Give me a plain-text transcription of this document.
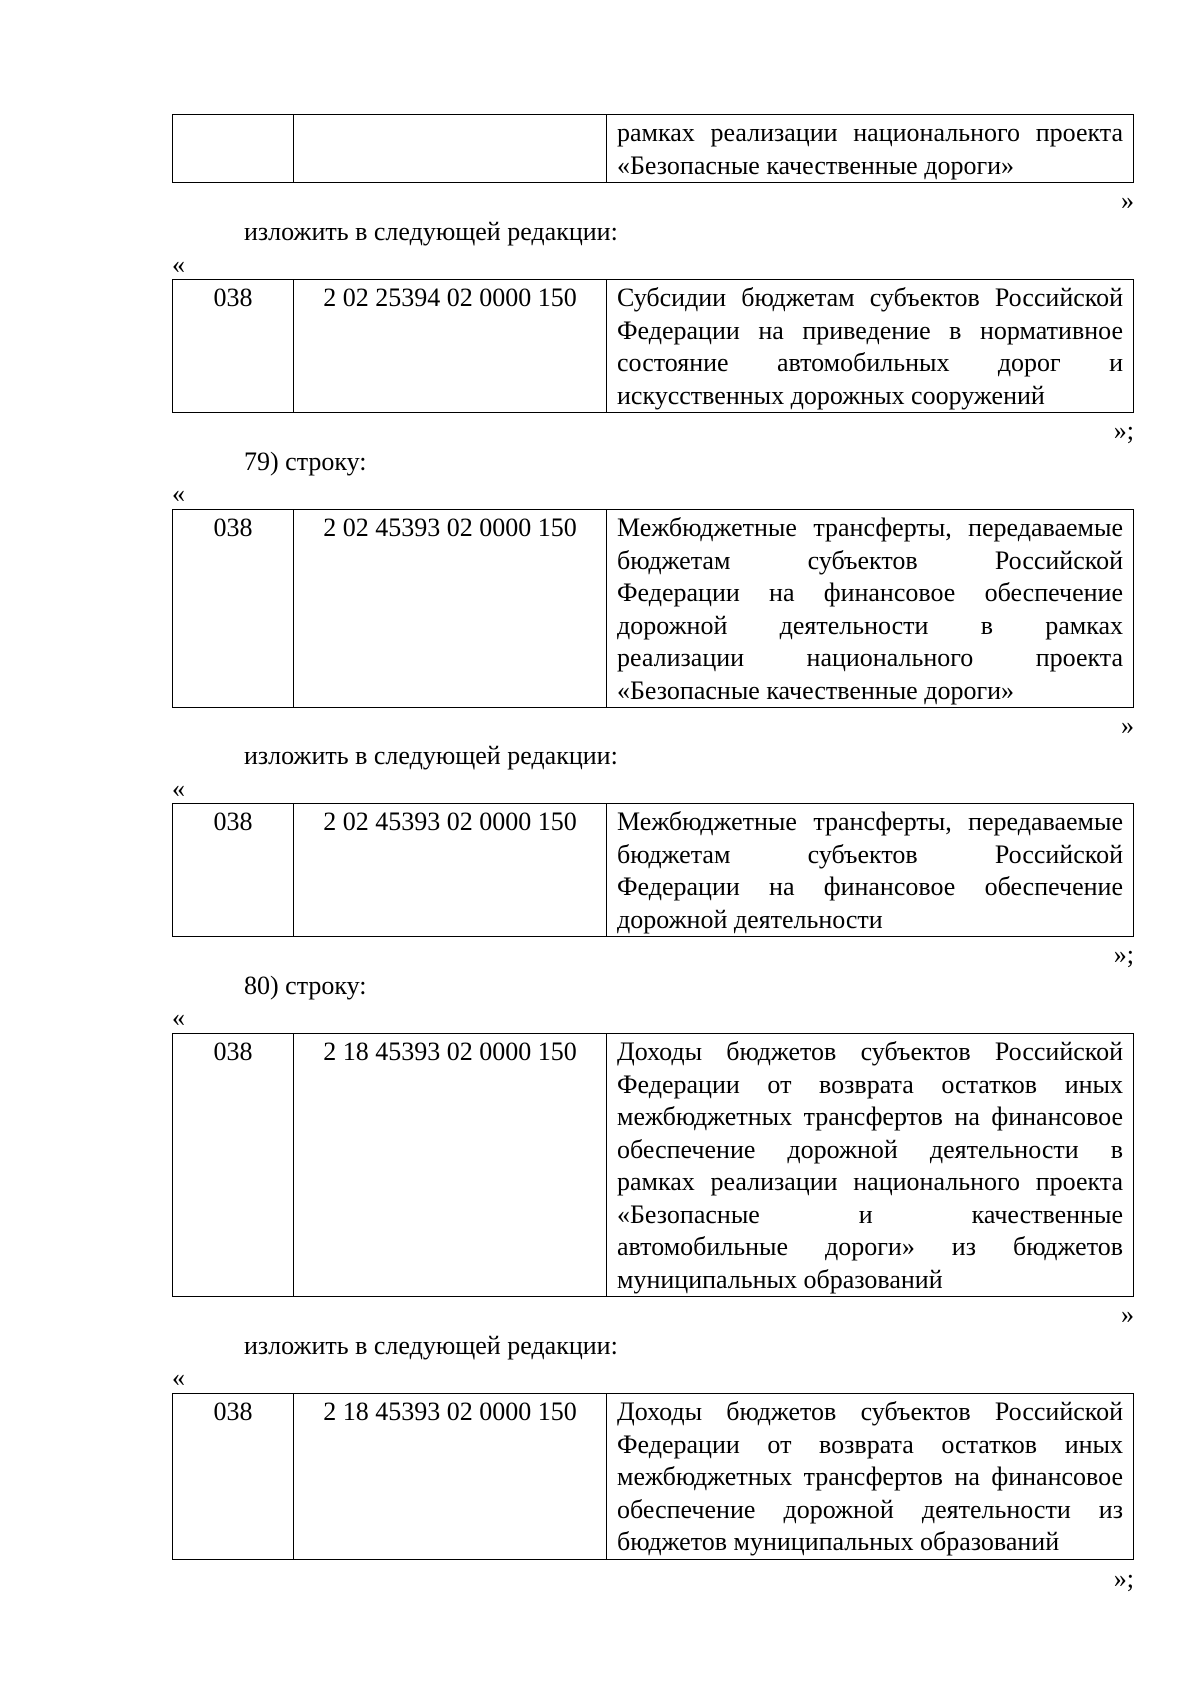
рамках реализации национального проекта
«Безопасные качественные дороги»
»
изложить в следующей редакции:
«
038	2 02 25394 02 0000 150	Субсидии бюджетам субъектов Российской
Федерации на приведение в нормативное
состояние автомобильных дорог и
искусственных дорожных сооружений
»;
79) строку:
«
038	2 02 45393 02 0000 150	Межбюджетные трансферты, передаваемые
бюджетам субъектов Российской
Федерации на финансовое обеспечение
дорожной деятельности в рамках
реализации национального проекта
«Безопасные качественные дороги»
»
изложить в следующей редакции:
«
038	2 02 45393 02 0000 150	Межбюджетные трансферты, передаваемые
бюджетам субъектов Российской
Федерации на финансовое обеспечение
дорожной деятельности
»;
80) строку:
«
038	2 18 45393 02 0000 150	Доходы бюджетов субъектов Российской
Федерации от возврата остатков иных
межбюджетных трансфертов на финансовое
обеспечение дорожной деятельности в
рамках реализации национального проекта
«Безопасные и качественные
автомобильные дороги» из бюджетов
муниципальных образований
»
изложить в следующей редакции:
«
038	2 18 45393 02 0000 150	Доходы бюджетов субъектов Российской
Федерации от возврата остатков иных
межбюджетных трансфертов на финансовое
обеспечение дорожной деятельности из
бюджетов муниципальных образований
»;
